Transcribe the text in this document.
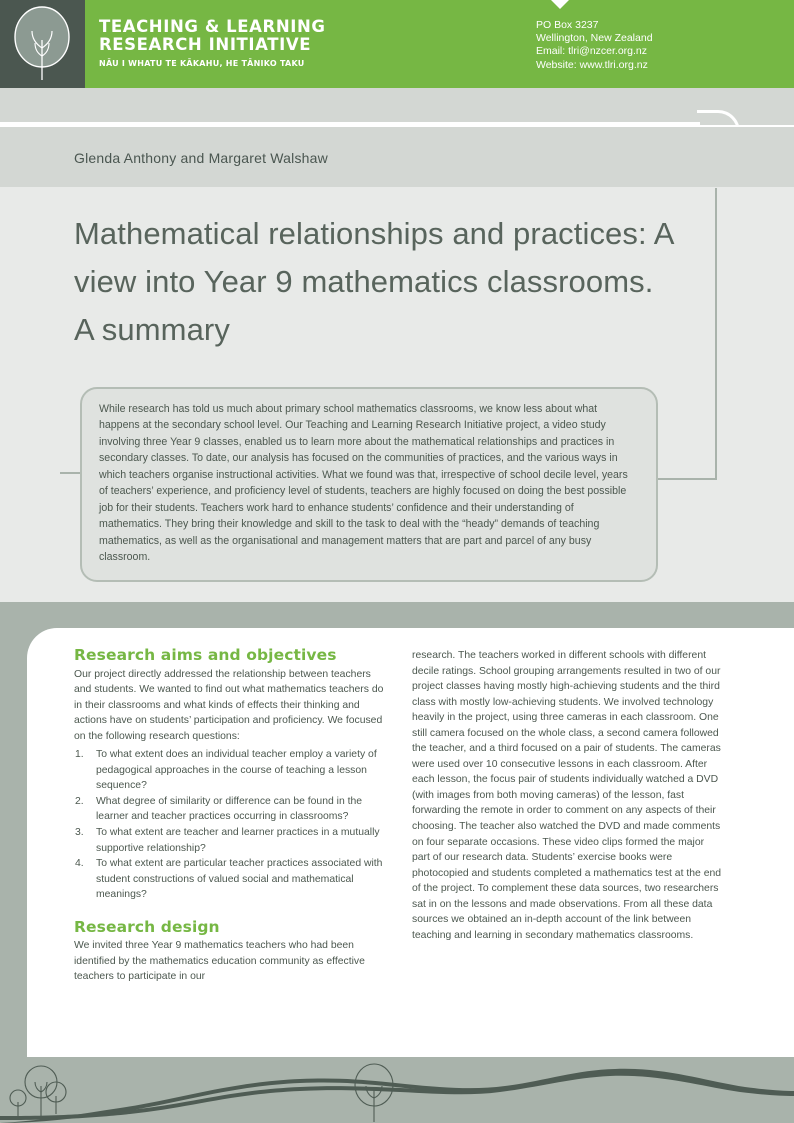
TEACHING & LEARNING
RESEARCH INITIATIVE
NĀU I WHATU TE KĀKAHU, HE TĀNIKO TAKU
PO Box 3237
Wellington, New Zealand
Email: tlri@nzcer.org.nz
Website: www.tlri.org.nz
Glenda Anthony and Margaret Walshaw
Mathematical relationships and practices: A view into Year 9 mathematics classrooms. A summary

While research has told us much about primary school mathematics classrooms, we know less about what happens at the secondary school level. Our Teaching and Learning Research Initiative project, a video study involving three Year 9 classes, enabled us to learn more about the mathematical relationships and practices in secondary classes. To date, our analysis has focused on the communities of practices, and the various ways in which teachers organise instructional activities. What we found was that, irrespective of school decile level, years of teachers’ experience, and proficiency level of students, teachers are highly focused on doing the best possible job for their students. Teachers work hard to enhance students’ confidence and their understanding of mathematics. They bring their knowledge and skill to the task to deal with the “heady” demands of teaching mathematics, as well as the organisational and management matters that are part and parcel of any busy classroom.

Research aims and objectives

Our project directly addressed the relationship between teachers and students. We wanted to find out what mathematics teachers do in their classrooms and what kinds of effects their thinking and actions have on students’ participation and proficiency. We focused on the following research questions:

To what extent does an individual teacher employ a variety of pedagogical approaches in the course of teaching a lesson sequence?
What degree of similarity or difference can be found in the learner and teacher practices occurring in classrooms?
To what extent are teacher and learner practices in a mutually supportive relationship?
To what extent are particular teacher practices associated with student constructions of valued social and mathematical meanings?
Research design

We invited three Year 9 mathematics teachers who had been identified by the mathematics education community as effective teachers to participate in our

research. The teachers worked in different schools with different decile ratings. School grouping arrangements resulted in two of our project classes having mostly high-achieving students and the third class with mostly low-achieving students. We involved technology heavily in the project, using three cameras in each classroom. One still camera focused on the whole class, a second camera followed the teacher, and a third focused on a pair of students. The cameras were used over 10 consecutive lessons in each classroom. After each lesson, the focus pair of students individually watched a DVD (with images from both moving cameras) of the lesson, fast forwarding the remote in order to comment on any aspects of their choosing. The teacher also watched the DVD and made comments on four separate occasions. These video clips formed the major part of our research data. Students’ exercise books were photocopied and students completed a mathematics test at the end of the project. To complement these data sources, two researchers sat in on the lessons and made observations. From all these data sources we obtained an in-depth account of the link between teaching and learning in secondary mathematics classrooms.
